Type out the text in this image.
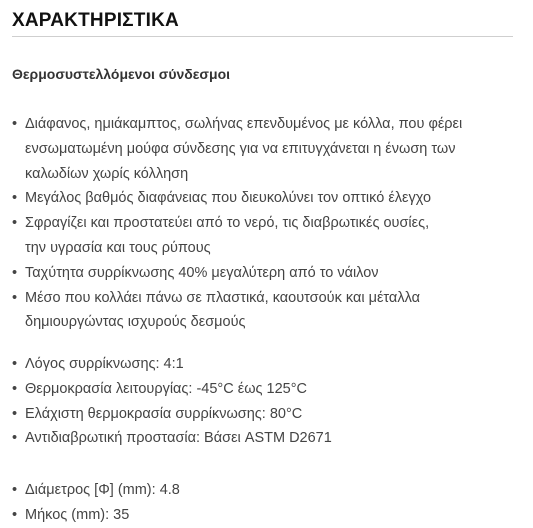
ΧΑΡΑΚΤΗΡΙΣΤΙΚΑ
Θερμοσυστελλόμενοι σύνδεσμοι
• Διάφανος, ημιάκαμπτος, σωλήνας επενδυμένος με κόλλα, που φέρει
ενσωματωμένη μούφα σύνδεσης για να επιτυγχάνεται η ένωση των
καλωδίων χωρίς κόλληση
• Μεγάλος βαθμός διαφάνειας που διευκολύνει τον οπτικό έλεγχο
• Σφραγίζει και προστατεύει από το νερό, τις διαβρωτικές ουσίες,
την υγρασία και τους ρύπους
• Ταχύτητα συρρίκνωσης 40% μεγαλύτερη από το νάιλον
• Μέσο που κολλάει πάνω σε πλαστικά, καουτσούκ και μέταλλα
δημιουργώντας ισχυρούς δεσμούς
• Λόγος συρρίκνωσης: 4:1
• Θερμοκρασία λειτουργίας: -45°C έως 125°C
• Ελάχιστη θερμοκρασία συρρίκνωσης: 80°C
• Αντιδιαβρωτική προστασία: Βάσει ASTM D2671
• Διάμετρος [Φ] (mm): 4.8
• Μήκος (mm): 35
